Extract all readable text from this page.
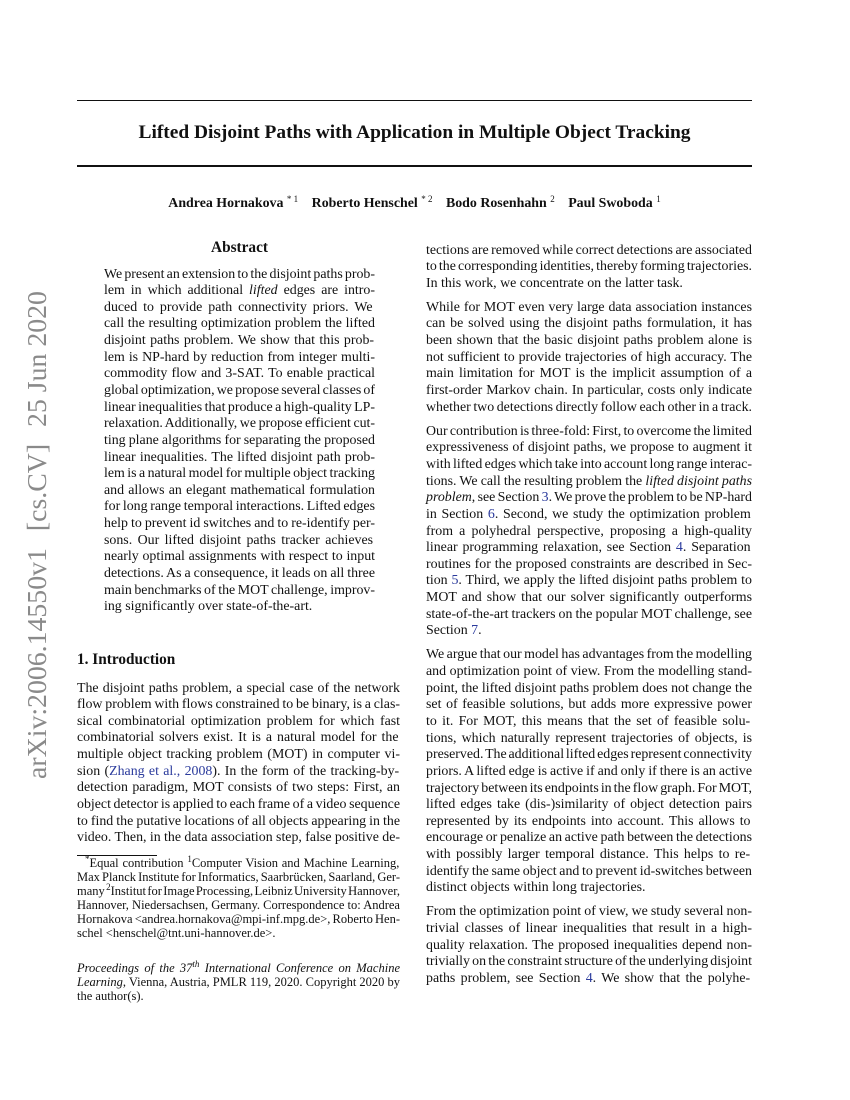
arXiv:2006.14550v1 [cs.CV] 25 Jun 2020
Lifted Disjoint Paths with Application in Multiple Object Tracking
Andrea Hornakova $^{* 1}$ Roberto Henschel $^{* 2}$ Bodo Rosenhahn $^2$ Paul Swoboda $^1$
Abstract
We present an extension to the disjoint paths prob-
lem in which additional lifted edges are intro-
duced to provide path connectivity priors. We
call the resulting optimization problem the lifted
disjoint paths problem. We show that this prob-
lem is NP-hard by reduction from integer multi-
commodity flow and 3-SAT. To enable practical
global optimization, we propose several classes of
linear inequalities that produce a high-quality LP-
relaxation. Additionally, we propose efficient cut-
ting plane algorithms for separating the proposed
linear inequalities. The lifted disjoint path prob-
lem is a natural model for multiple object tracking
and allows an elegant mathematical formulation
for long range temporal interactions. Lifted edges
help to prevent id switches and to re-identify per-
sons. Our lifted disjoint paths tracker achieves
nearly optimal assignments with respect to input
detections. As a consequence, it leads on all three
main benchmarks of the MOT challenge, improv-
ing significantly over state-of-the-art.
1. Introduction
The disjoint paths problem, a special case of the network
flow problem with flows constrained to be binary, is a clas-
sical combinatorial optimization problem for which fast
combinatorial solvers exist. It is a natural model for the
multiple object tracking problem (MOT) in computer vi-
sion (Zhang et al., 2008). In the form of the tracking-by-
detection paradigm, MOT consists of two steps: First, an
object detector is applied to each frame of a video sequence
to find the putative locations of all objects appearing in the
video. Then, in the data association step, false positive de-
*Equal contribution $^1$Computer Vision and Machine Learning,
Max Planck Institute for Informatics, Saarbrücken, Saarland, Ger-
many $^2$Institut for Image Processing, Leibniz University Hannover,
Hannover, Niedersachsen, Germany. Correspondence to: Andrea
Hornakova <andrea.hornakova@mpi-inf.mpg.de>, Roberto Hen-
schel <henschel@tnt.uni-hannover.de>.
Proceedings of the 37th International Conference on Machine
Learning, Vienna, Austria, PMLR 119, 2020. Copyright 2020 by
the author(s).
tections are removed while correct detections are associated
to the corresponding identities, thereby forming trajectories.
In this work, we concentrate on the latter task.
While for MOT even very large data association instances
can be solved using the disjoint paths formulation, it has
been shown that the basic disjoint paths problem alone is
not sufficient to provide trajectories of high accuracy. The
main limitation for MOT is the implicit assumption of a
first-order Markov chain. In particular, costs only indicate
whether two detections directly follow each other in a track.
Our contribution is three-fold: First, to overcome the limited
expressiveness of disjoint paths, we propose to augment it
with lifted edges which take into account long range interac-
tions. We call the resulting problem the lifted disjoint paths
problem, see Section 3. We prove the problem to be NP-hard
in Section 6. Second, we study the optimization problem
from a polyhedral perspective, proposing a high-quality
linear programming relaxation, see Section 4. Separation
routines for the proposed constraints are described in Sec-
tion 5. Third, we apply the lifted disjoint paths problem to
MOT and show that our solver significantly outperforms
state-of-the-art trackers on the popular MOT challenge, see
Section 7.
We argue that our model has advantages from the modelling
and optimization point of view. From the modelling stand-
point, the lifted disjoint paths problem does not change the
set of feasible solutions, but adds more expressive power
to it. For MOT, this means that the set of feasible solu-
tions, which naturally represent trajectories of objects, is
preserved. The additional lifted edges represent connectivity
priors. A lifted edge is active if and only if there is an active
trajectory between its endpoints in the flow graph. For MOT,
lifted edges take (dis-)similarity of object detection pairs
represented by its endpoints into account. This allows to
encourage or penalize an active path between the detections
with possibly larger temporal distance. This helps to re-
identify the same object and to prevent id-switches between
distinct objects within long trajectories.
From the optimization point of view, we study several non-
trivial classes of linear inequalities that result in a high-
quality relaxation. The proposed inequalities depend non-
trivially on the constraint structure of the underlying disjoint
paths problem, see Section 4. We show that the polyhe-
